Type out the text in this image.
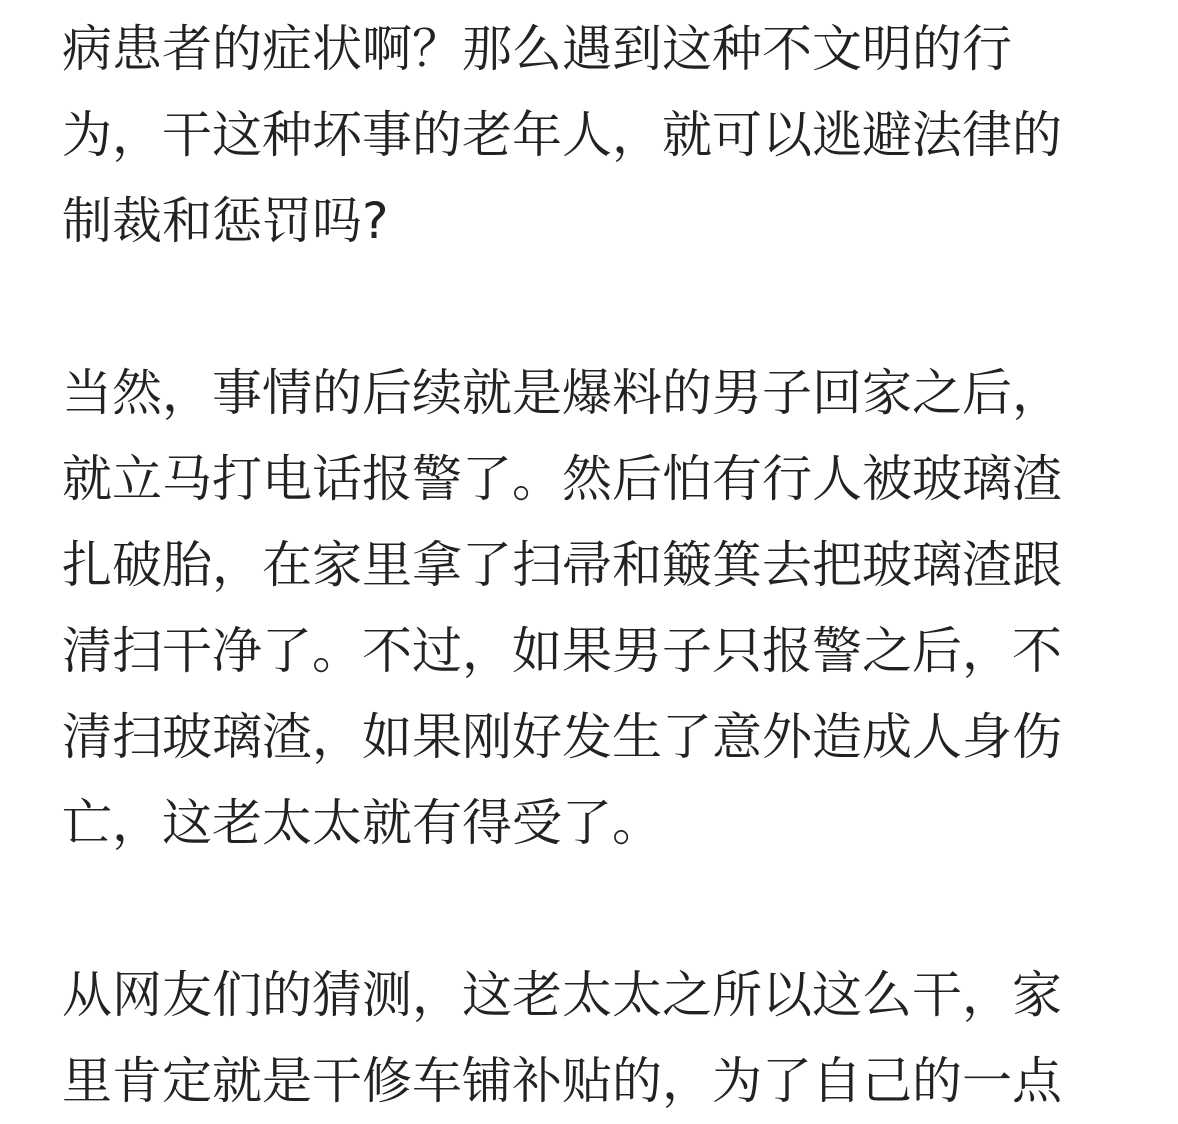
病患者的症状啊？那么遇到这种不文明的行
为，干这种坏事的老年人，就可以逃避法律的
制裁和惩罚吗?
当然，事情的后续就是爆料的男子回家之后，
就立马打电话报警了。然后怕有行人被玻璃渣
扎破胎，在家里拿了扫帚和簸箕去把玻璃渣跟
清扫干净了。不过，如果男子只报警之后，不
清扫玻璃渣，如果刚好发生了意外造成人身伤
亡，这老太太就有得受了。
从网友们的猜测，这老太太之所以这么干，家
里肯定就是干修车铺补贴的，为了自己的一点
